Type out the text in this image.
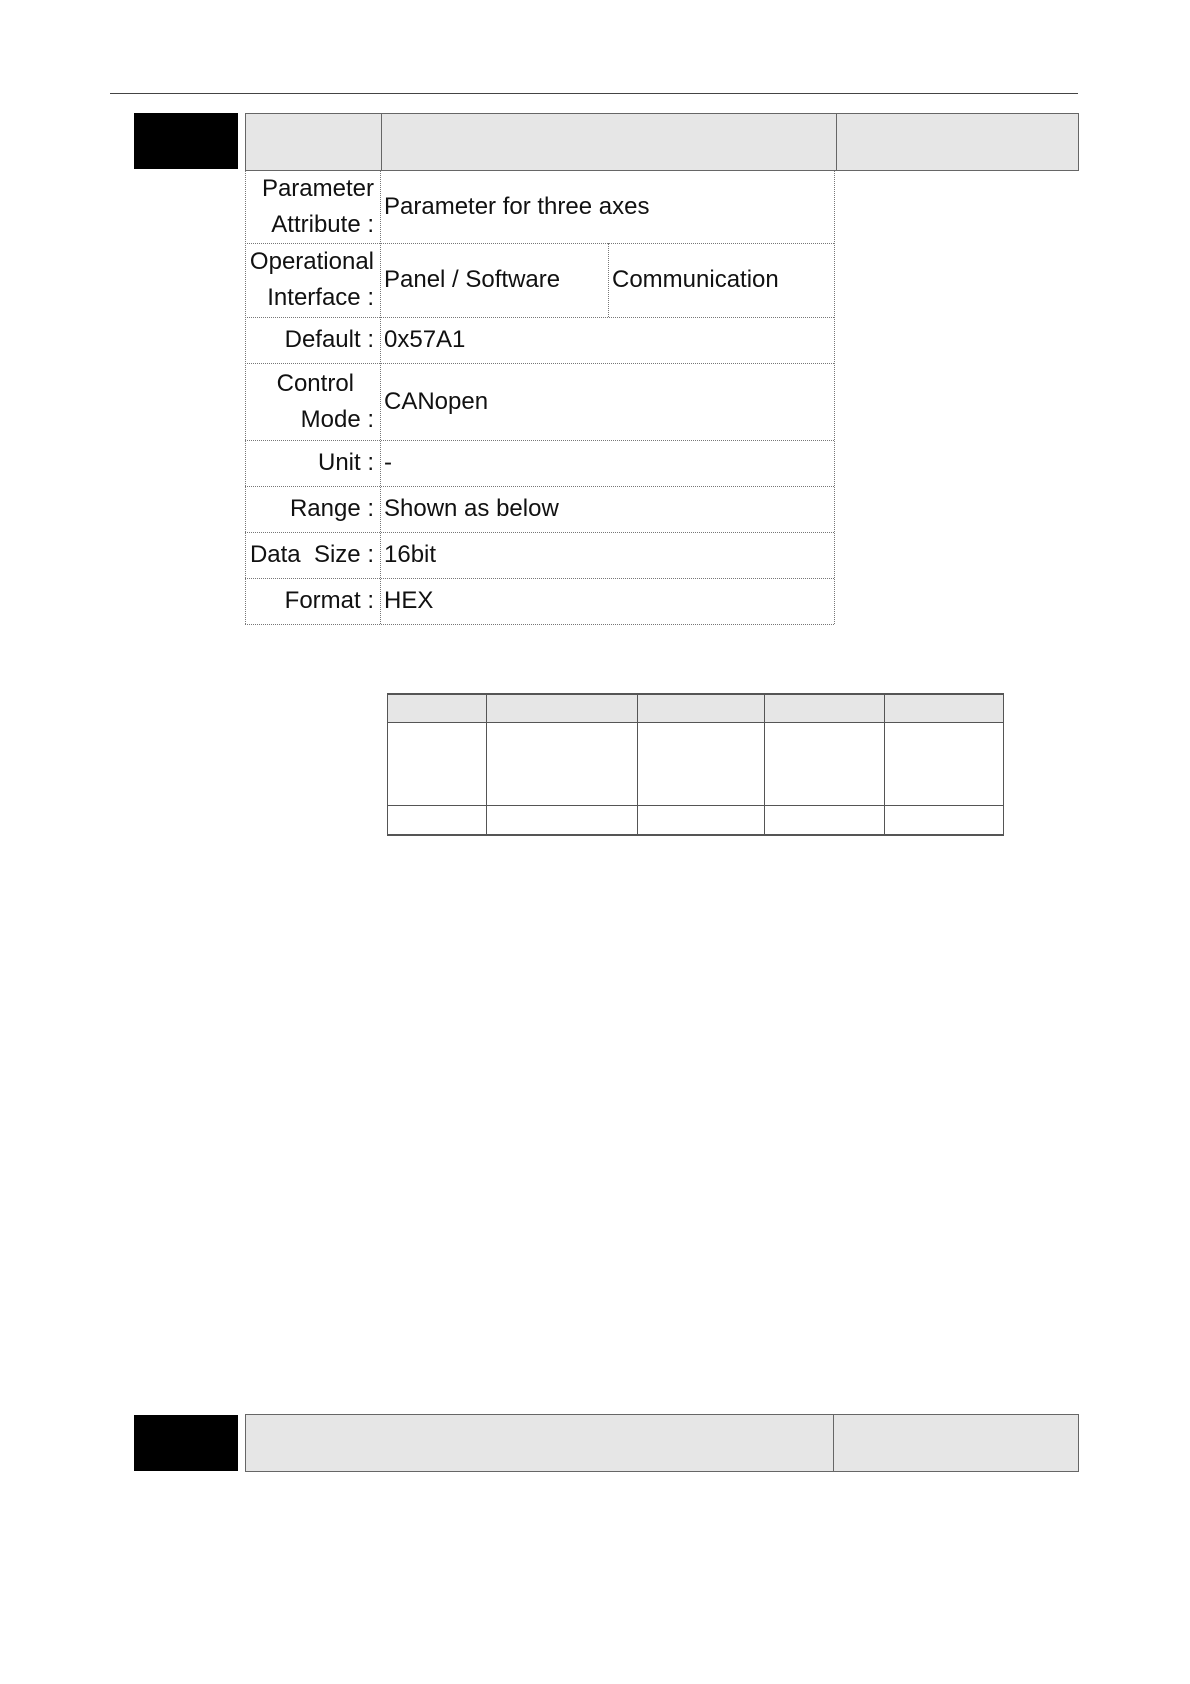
Parameter
Attribute :
Parameter for three axes
Operational
Interface :
Panel / Software	Communication
Default : 0x57A1
Control
Mode :
CANopen
Unit : -
Range : Shown as below
Data  Size : 16bit
Format : HEX
